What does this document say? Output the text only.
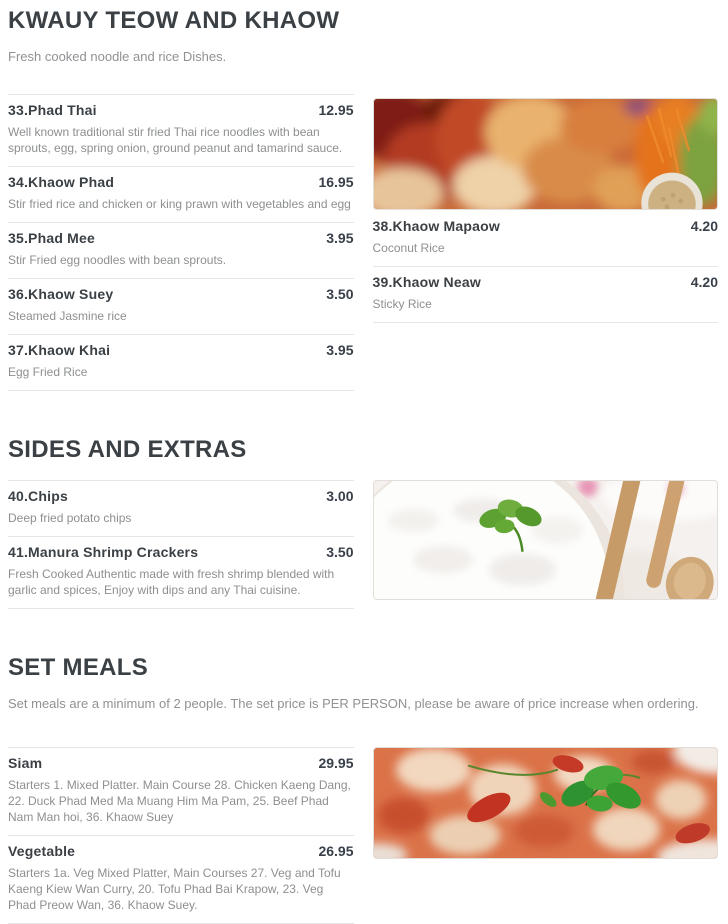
KWAUY TEOW AND KHAOW

Fresh cooked noodle and rice Dishes.

33.Phad Thai	12.95
Well known traditional stir fried Thai rice noodles with bean sprouts, egg, spring onion, ground peanut and tamarind sauce.
34.Khaow Phad	16.95
Stir fried rice and chicken or king prawn with vegetables and egg
35.Phad Mee	3.95
Stir Fried egg noodles with bean sprouts.
36.Khaow Suey	3.50
Steamed Jasmine rice
37.Khaow Khai	3.95
Egg Fried Rice
38.Khaow Mapaow	4.20
Coconut Rice
39.Khaow Neaw	4.20
Sticky Rice
SIDES AND EXTRAS
40.Chips	3.00
Deep fried potato chips
41.Manura Shrimp Crackers	3.50
Fresh Cooked Authentic made with fresh shrimp blended with garlic and spices, Enjoy with dips and any Thai cuisine.
SET MEALS

Set meals are a minimum of 2 people. The set price is PER PERSON, please be aware of price increase when ordering.

Siam	29.95
Starters 1. Mixed Platter. Main Course 28. Chicken Kaeng Dang, 22. Duck Phad Med Ma Muang Him Ma Pam, 25. Beef Phad Nam Man hoi, 36. Khaow Suey
Vegetable	26.95
Starters 1a. Veg Mixed Platter, Main Courses 27. Veg and Tofu Kaeng Kiew Wan Curry, 20. Tofu Phad Bai Krapow, 23. Veg Phad Preow Wan, 36. Khaow Suey.
